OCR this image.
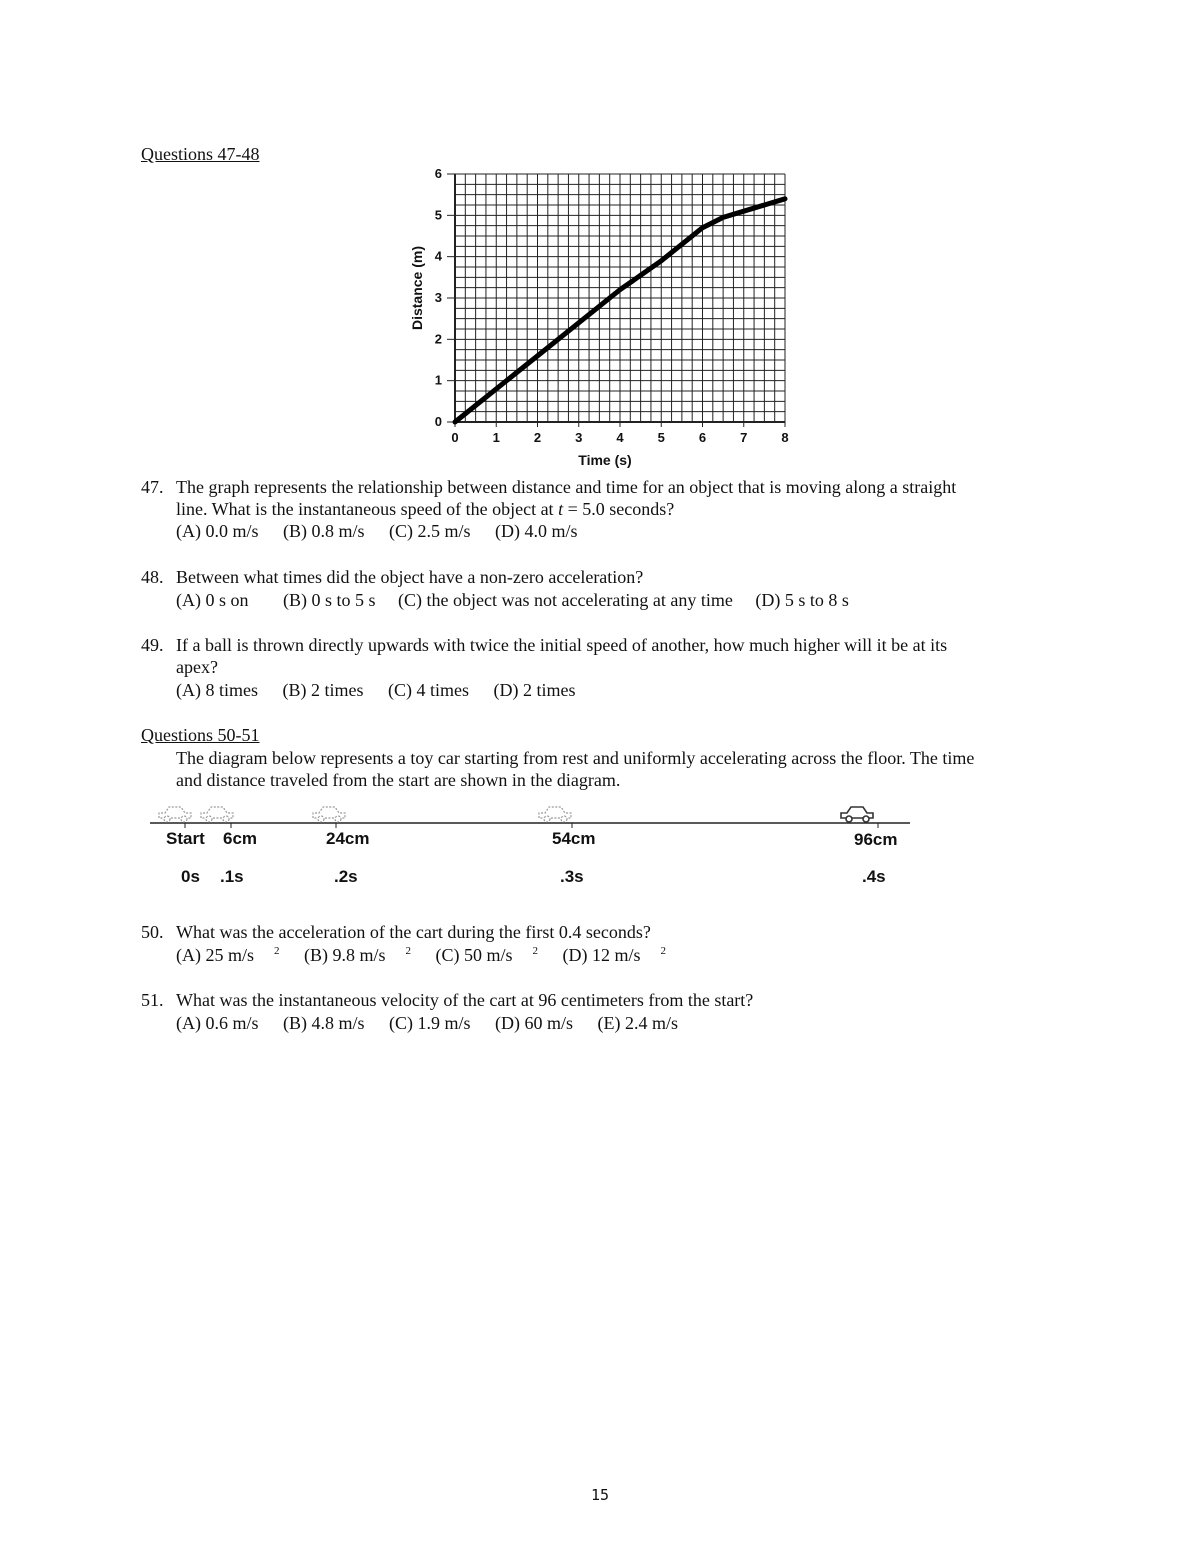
Questions 47-48
0	1	2	3	4	5	6	7	8
0
1
2
3
4
5
6
Time (s)
Distance (m)
47. The graph represents the relationship between distance and time for an object that is moving along a straight
line. What is the instantaneous speed of the object at t = 5.0 seconds?
(A) 0.0 m/s (B) 0.8 m/s (C) 2.5 m/s (D) 4.0 m/s
48. Between what times did the object have a non-zero acceleration?
(A) 0 s on (B) 0 s to 5 s (C) the object was not accelerating at any time (D) 5 s to 8 s
49. If a ball is thrown directly upwards with twice the initial speed of another, how much higher will it be at its
apex?
(A) 8 times (B) 2 times (C) 4 times (D) 2 times
Questions 50-51
The diagram below represents a toy car starting from rest and uniformly accelerating across the floor. The time
and distance traveled from the start are shown in the diagram.
Start 6cm	24cm	54cm	96cm
0s .1s	.2s	.3s	.4s
50. What was the acceleration of the cart during the first 0.4 seconds?
(A) 25 m/s $^2$ (B) 9.8 m/s $^2$ (C) 50 m/s $^2$ (D) 12 m/s $^2$
51. What was the instantaneous velocity of the cart at 96 centimeters from the start?
(A) 0.6 m/s (B) 4.8 m/s (C) 1.9 m/s (D) 60 m/s (E) 2.4 m/s
15
